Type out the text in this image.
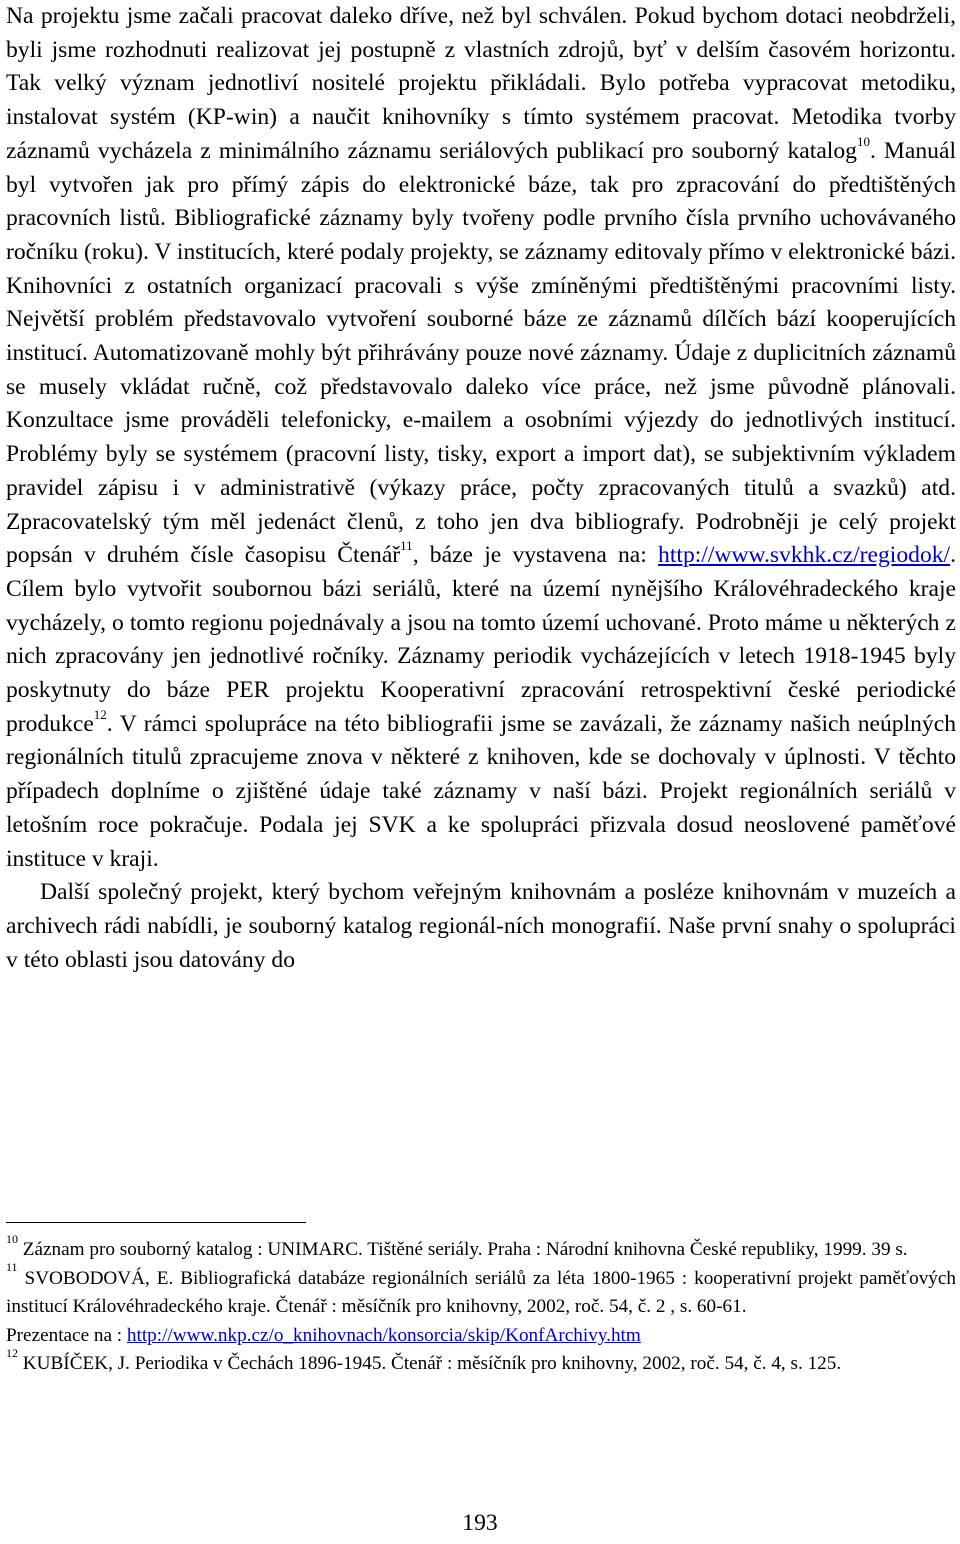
Na projektu jsme začali pracovat daleko dříve, než byl schválen. Pokud bychom dotaci neobdrželi, byli jsme rozhodnuti realizovat jej postupně z vlastních zdrojů, byť v delším časovém horizontu. Tak velký význam jednotliví nositelé projektu přikládali. Bylo potřeba vypracovat metodiku, instalovat systém (KP-win) a naučit knihovníky s tímto systémem pracovat. Metodika tvorby záznamů vycházela z minimálního záznamu seriálových publikací pro souborný katalog$^{10}$. Manuál byl vytvořen jak pro přímý zápis do elektronické báze, tak pro zpracování do předtištěných pracovních listů. Bibliografické záznamy byly tvořeny podle prvního čísla prvního uchovávaného ročníku (roku). V institucích, které podaly projekty, se záznamy editovaly přímo v elektronické bázi. Knihovníci z ostatních organizací pracovali s výše zmíněnými předtištěnými pracovními listy. Největší problém představovalo vytvoření souborné báze ze záznamů dílčích bází kooperujících institucí. Automatizovaně mohly být přihrávány pouze nové záznamy. Údaje z duplicitních záznamů se musely vkládat ručně, což představovalo daleko více práce, než jsme původně plánovali. Konzultace jsme prováděli telefonicky, e-mailem a osobními výjezdy do jednotlivých institucí. Problémy byly se systémem (pracovní listy, tisky, export a import dat), se subjektivním výkladem pravidel zápisu i v administrativě (výkazy práce, počty zpracovaných titulů a svazků) atd. Zpracovatelský tým měl jedenáct členů, z toho jen dva bibliografy. Podrobněji je celý projekt popsán v druhém čísle časopisu Čtenář$^{11}$, báze je vystavena na: http://www.svkhk.cz/regiodok/. Cílem bylo vytvořit soubornou bázi seriálů, které na území nynějšího Královéhradeckého kraje vycházely, o tomto regionu pojednávaly a jsou na tomto území uchované. Proto máme u některých z nich zpracovány jen jednotlivé ročníky. Záznamy periodik vycházejících v letech 1918-1945 byly poskytnuty do báze PER projektu Kooperativní zpracování retrospektivní české periodické produkce$^{12}$. V rámci spolupráce na této bibliografii jsme se zavázali, že záznamy našich neúplných regionálních titulů zpracujeme znova v některé z knihoven, kde se dochovaly v úplnosti. V těchto případech doplníme o zjištěné údaje také záznamy v naší bázi. Projekt regionálních seriálů v letošním roce pokračuje. Podala jej SVK a ke spolupráci přizvala dosud neoslovené paměťové instituce v kraji.

Další společný projekt, který bychom veřejným knihovnám a posléze knihovnám v muzeích a archivech rádi nabídli, je souborný katalog regionál-ních monografií. Naše první snahy o spolupráci v této oblasti jsou datovány do

$^{10}$ Záznam pro souborný katalog : UNIMARC. Tištěné seriály. Praha : Národní knihovna České republiky, 1999. 39 s.

$^{11}$ SVOBODOVÁ, E. Bibliografická databáze regionálních seriálů za léta 1800-1965 : kooperativní projekt paměťových institucí Královéhradeckého kraje. Čtenář : měsíčník pro knihovny, 2002, roč. 54, č. 2 , s. 60-61.

Prezentace na : http://www.nkp.cz/o_knihovnach/konsorcia/skip/KonfArchivy.htm

$^{12}$ KUBÍČEK, J. Periodika v Čechách 1896-1945. Čtenář : měsíčník pro knihovny, 2002, roč. 54, č. 4, s. 125.

193
